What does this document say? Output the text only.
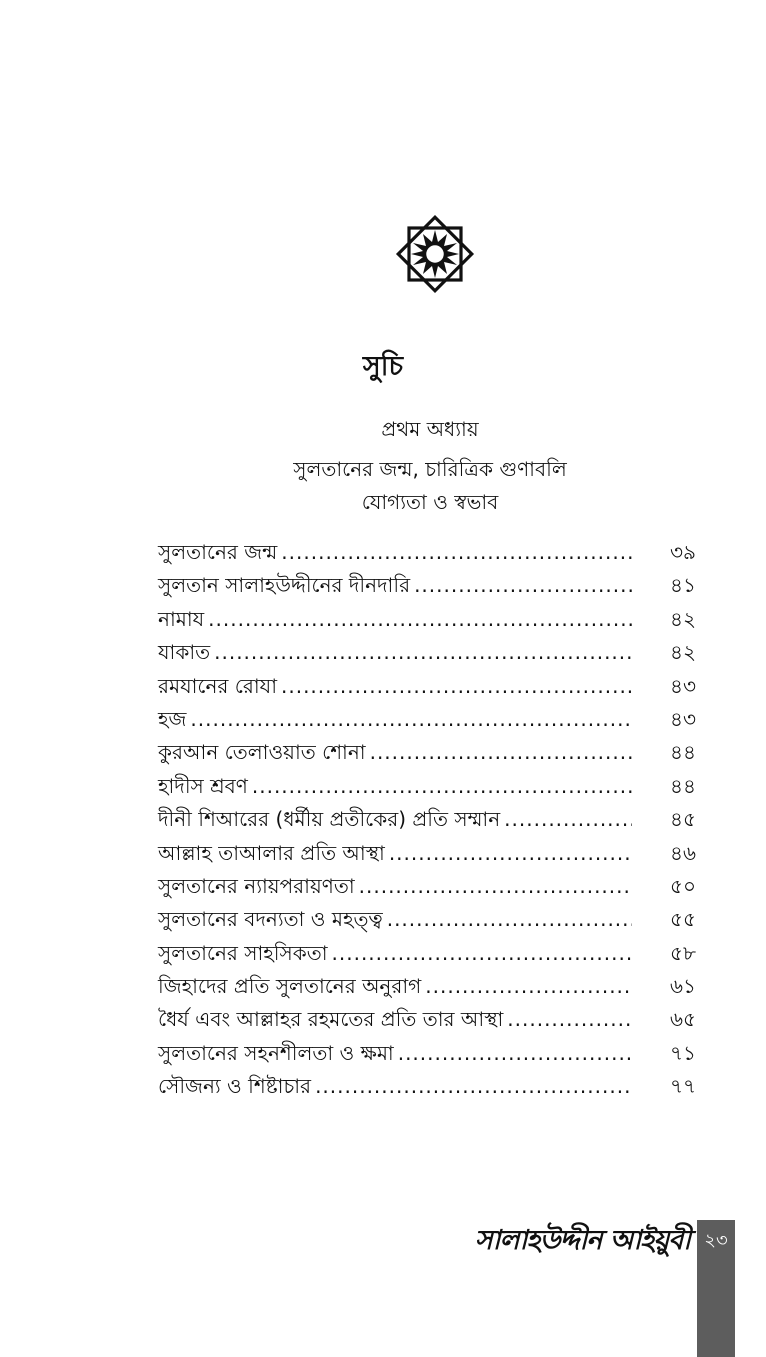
সুচি
প্রথম অধ্যায়
সুলতানের জন্ম, চারিত্রিক গুণাবলি
যোগ্যতা ও স্বভাব
সুলতানের জন্ম .....	৩৯
সুলতান সালাহউদ্দীনের দীনদারি .....	৪১
নামায .....	৪২
যাকাত .....	৪২
রমযানের রোযা .....	৪৩
হজ .....	৪৩
কুরআন তেলাওয়াত শোনা .....	৪৪
হাদীস শ্রবণ .....	৪৪
দীনী শিআরের (ধর্মীয় প্রতীকের) প্রতি সম্মান .....	৪৫
আল্লাহ তাআলার প্রতি আস্থা .....	৪৬
সুলতানের ন্যায়পরায়ণতা .....	৫০
সুলতানের বদন্যতা ও মহত্ত্ব .....	৫৫
সুলতানের সাহসিকতা .....	৫৮
জিহাদের প্রতি সুলতানের অনুরাগ .....	৬১
ধৈর্য এবং আল্লাহর রহমতের প্রতি তার আস্থা .....	৬৫
সুলতানের সহনশীলতা ও ক্ষমা .....	৭১
সৌজন্য ও শিষ্টাচার .....	৭৭
সালাহউদ্দীন আইয়ুবী ২৩
